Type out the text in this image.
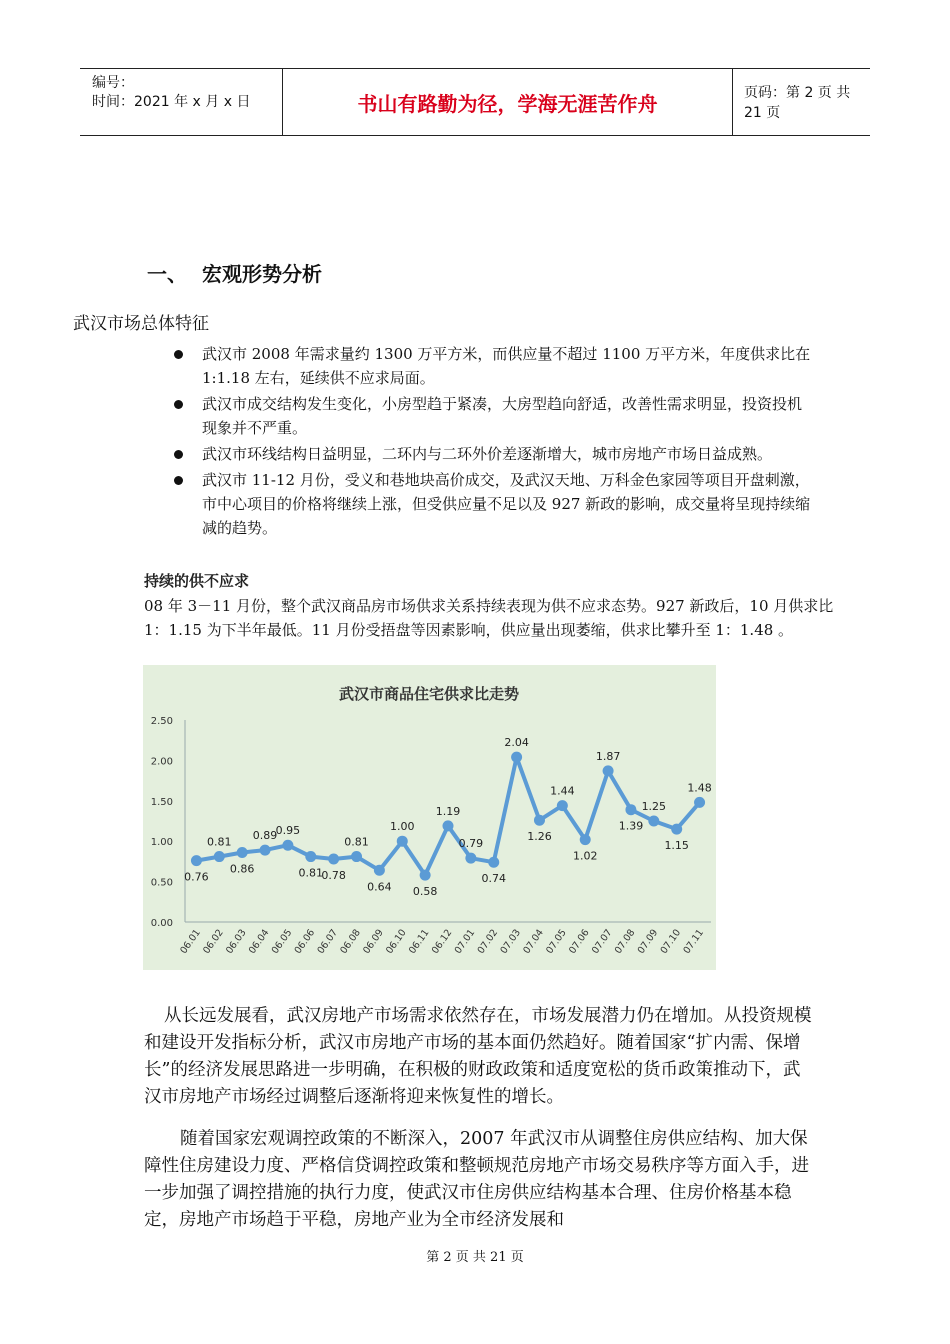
编号：
时间：2021 年 x 月 x 日	书山有路勤为径，学海无涯苦作舟	页码：第 2 页 共 21 页
一、 宏观形势分析
武汉市场总体特征
武汉市 2008 年需求量约 1300 万平方米，而供应量不超过 1100 万平方米，年度供求比在 1:1.18 左右，延续供不应求局面。
武汉市成交结构发生变化，小房型趋于紧凑，大房型趋向舒适，改善性需求明显，投资投机现象并不严重。
武汉市环线结构日益明显，二环内与二环外价差逐渐增大，城市房地产市场日益成熟。
武汉市 11-12 月份，受义和巷地块高价成交，及武汉天地、万科金色家园等项目开盘刺激，市中心项目的价格将继续上涨，但受供应量不足以及 927 新政的影响，成交量将呈现持续缩减的趋势。
持续的供不应求
08 年 3－11 月份，整个武汉商品房市场供求关系持续表现为供不应求态势。927 新政后，10 月供求比 1：1.15 为下半年最低。11 月份受捂盘等因素影响，供应量出现萎缩，供求比攀升至 1：1.48 。
武汉市商品住宅供求比走势
0.76
0.81
0.86
0.89
0.95
0.81
0.78
0.81
0.64
1.00
0.58
1.19
0.79
0.74
2.04
1.26
1.44
1.02
1.87
1.39
1.25
1.15
1.48
06.01
06.02
06.03
06.04
06.05
06.06
06.07
06.08
06.09
06.10
06.11
06.12
07.01
07.02
07.03
07.04
07.05
07.06
07.07
07.08
07.09
07.10
07.11
0.00
0.50
1.00
1.50
2.00
2.50
从长远发展看，武汉房地产市场需求依然存在，市场发展潜力仍在增加。从投资规模和建设开发指标分析，武汉市房地产市场的基本面仍然趋好。随着国家“扩内需、保增长”的经济发展思路进一步明确，在积极的财政政策和适度宽松的货币政策推动下，武汉市房地产市场经过调整后逐渐将迎来恢复性的增长。
随着国家宏观调控政策的不断深入，2007 年武汉市从调整住房供应结构、加大保障性住房建设力度、严格信贷调控政策和整顿规范房地产市场交易秩序等方面入手，进一步加强了调控措施的执行力度，使武汉市住房供应结构基本合理、住房价格基本稳定，房地产市场趋于平稳，房地产业为全市经济发展和
第 2 页 共 21 页
